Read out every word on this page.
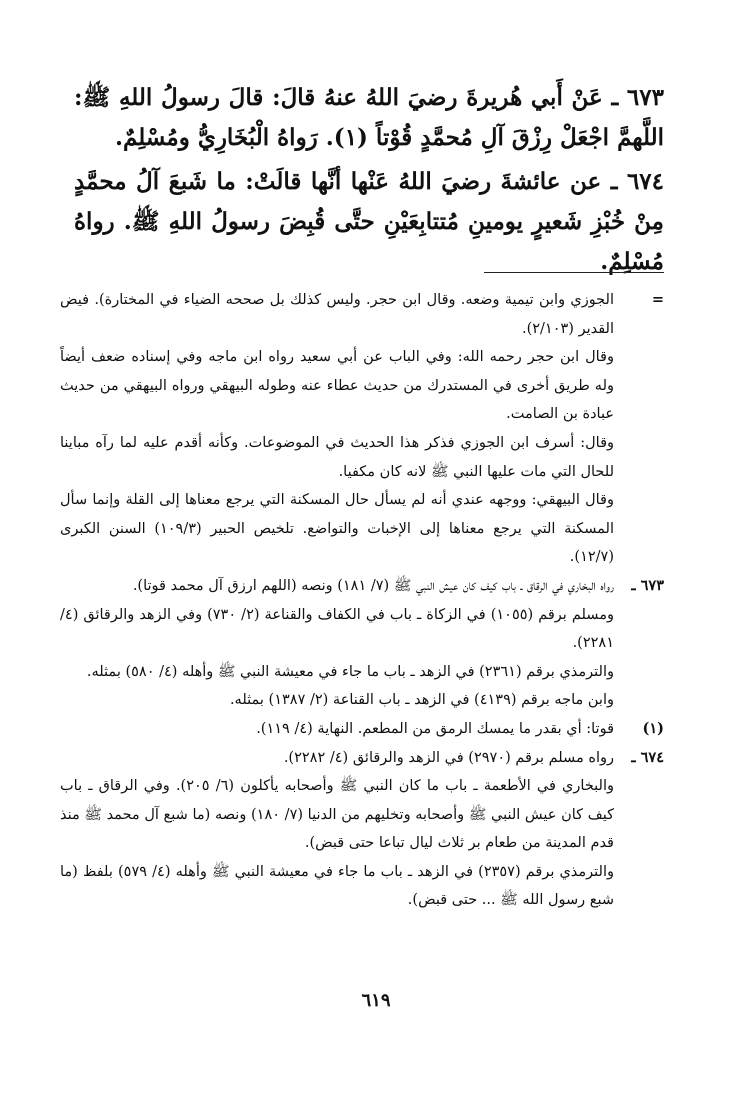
٦٧٣ ـ عَنْ أَبي هُريرةَ رضيَ اللهُ عنهُ قالَ: قالَ رسولُ اللهِ ﷺ: اللَّهمَّ اجْعَلْ رِزْقَ آلِ مُحمَّدٍ قُوْتاً (١). رَواهُ الْبُخَارِيُّ ومُسْلِمٌ.
٦٧٤ ـ عن عائشةَ رضيَ اللهُ عَنْها أنَّها قالَتْ: ما شَبعَ آلُ محمَّدٍ مِنْ خُبْزِ شَعيرٍ يومينِ مُتتابِعَيْنِ حتَّى قُبِضَ رسولُ اللهِ ﷺ. رواهُ مُسْلِمٌ.
=
الجوزي وابن تيمية وضعه. وقال ابن حجر. وليس كذلك بل صححه الضياء في المختارة). فيض القدير (٢/١٠٣).
وقال ابن حجر رحمه الله: وفي الباب عن أبي سعيد رواه ابن ماجه وفي إسناده ضعف أيضاً وله طريق أخرى في المستدرك من حديث عطاء عنه وطوله البيهقي ورواه البيهقي من حديث عبادة بن الصامت.
وقال: أسرف ابن الجوزي فذكر هذا الحديث في الموضوعات. وكأنه أقدم عليه لما رآه مباينا للحال التي مات عليها النبي ﷺ لانه كان مكفيا.
وقال البيهقي: ووجهه عندي أنه لم يسأل حال المسكنة التي يرجع معناها إلى القلة وإنما سأل المسكنة التي يرجع معناها إلى الإخبات والتواضع. تلخيص الحبير (١٠٩/٣) السنن الكبرى (١٢/٧).
٦٧٣ ـ
رواه البخاري في الرقاق ـ باب كيف كان عيش النبي ﷺ (٧/ ١٨١) ونصه (اللهم ارزق آل محمد قوتا).
ومسلم برقم (١٠٥٥) في الزكاة ـ باب في الكفاف والقناعة (٢/ ٧٣٠) وفي الزهد والرقائق (٤/ ٢٢٨١).
والترمذي برقم (٢٣٦١) في الزهد ـ باب ما جاء في معيشة النبي ﷺ وأهله (٤/ ٥٨٠) بمثله.
وابن ماجه برقم (٤١٣٩) في الزهد ـ باب القناعة (٢/ ١٣٨٧) بمثله.
(١)
قوتا: أي بقدر ما يمسك الرمق من المطعم. النهاية (٤/ ١١٩).
٦٧٤ ـ
رواه مسلم برقم (٢٩٧٠) في الزهد والرقائق (٤/ ٢٢٨٢).
والبخاري في الأطعمة ـ باب ما كان النبي ﷺ وأصحابه يأكلون (٦/ ٢٠٥). وفي الرقاق ـ باب كيف كان عيش النبي ﷺ وأصحابه وتخليهم من الدنيا (٧/ ١٨٠) ونصه (ما شبع آل محمد ﷺ منذ قدم المدينة من طعام بر ثلاث ليال تباعا حتى قبض).
والترمذي برقم (٢٣٥٧) في الزهد ـ باب ما جاء في معيشة النبي ﷺ وأهله (٤/ ٥٧٩) بلفظ (ما شبع رسول الله ﷺ ... حتى قبض).
٦١٩
